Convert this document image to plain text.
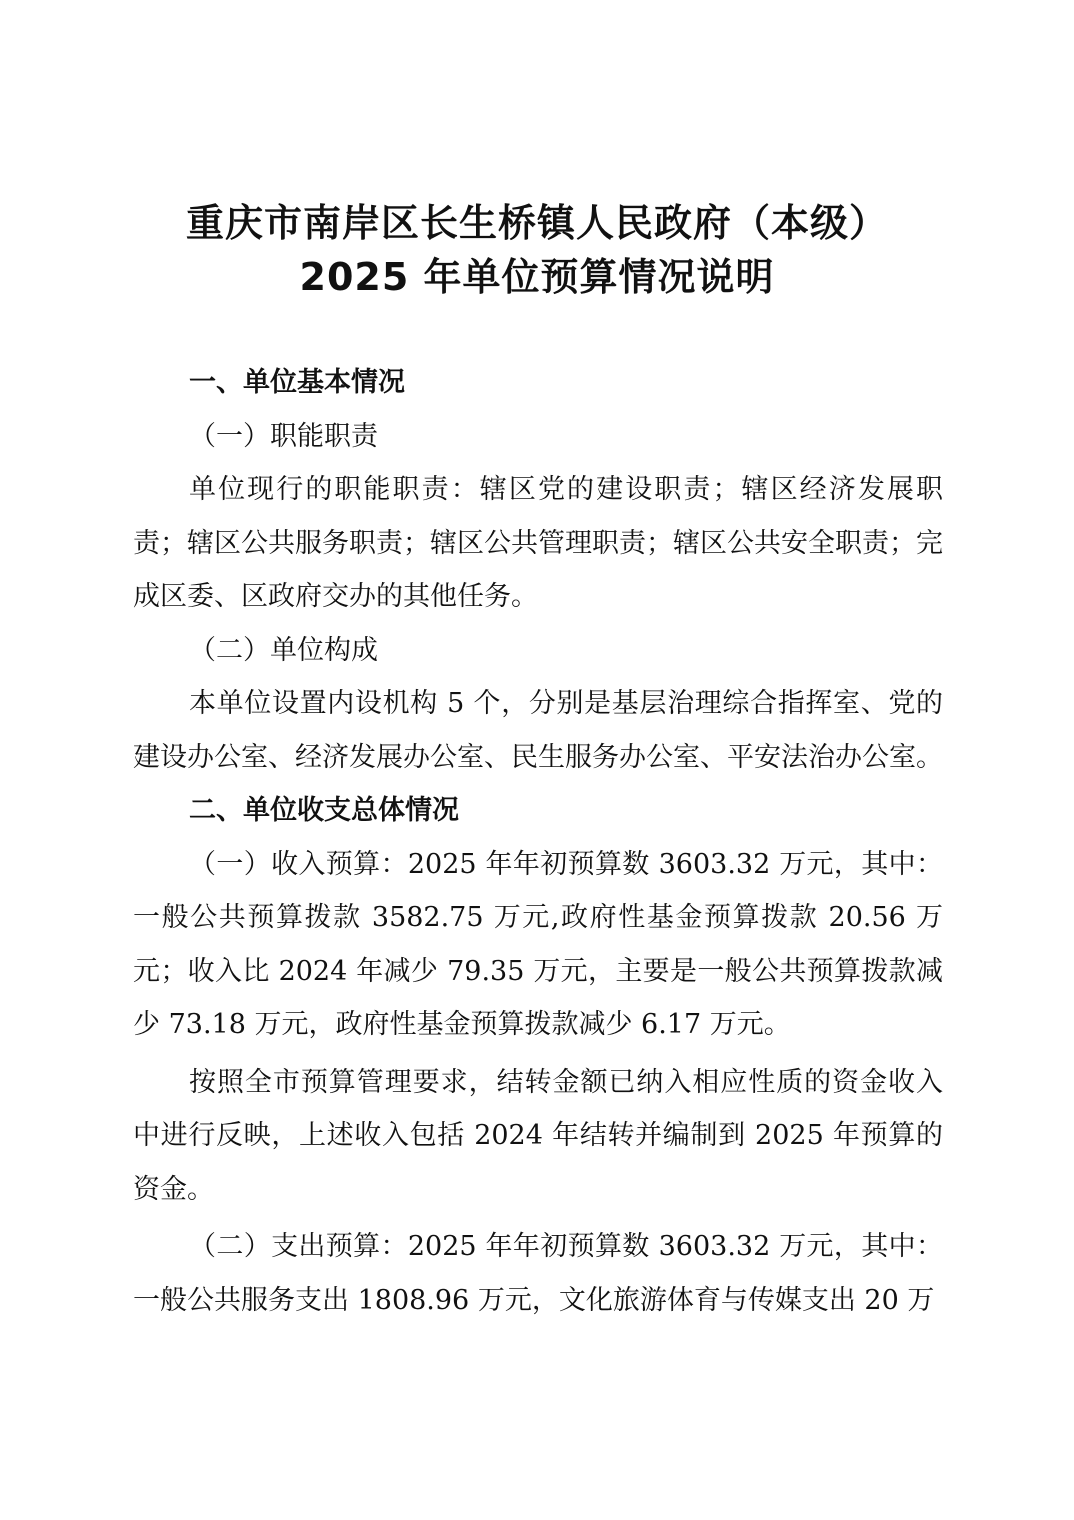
重庆市南岸区长生桥镇人民政府（本级）
2025 年单位预算情况说明

一、单位基本情况

（一）职能职责

单位现行的职能职责：辖区党的建设职责；辖区经济发展职责；辖区公共服务职责；辖区公共管理职责；辖区公共安全职责；完成区委、区政府交办的其他任务。

（二）单位构成

本单位设置内设机构 5 个，分别是基层治理综合指挥室、党的建设办公室、经济发展办公室、民生服务办公室、平安法治办公室。

二、单位收支总体情况

（一）收入预算：2025 年年初预算数 3603.32 万元，其中：一般公共预算拨款 3582.75 万元,政府性基金预算拨款 20.56 万元；收入比 2024 年减少 79.35 万元，主要是一般公共预算拨款减少 73.18 万元，政府性基金预算拨款减少 6.17 万元。

按照全市预算管理要求，结转金额已纳入相应性质的资金收入中进行反映，上述收入包括 2024 年结转并编制到 2025 年预算的资金。

（二）支出预算：2025 年年初预算数 3603.32 万元，其中：一般公共服务支出 1808.96 万元，文化旅游体育与传媒支出 20 万
